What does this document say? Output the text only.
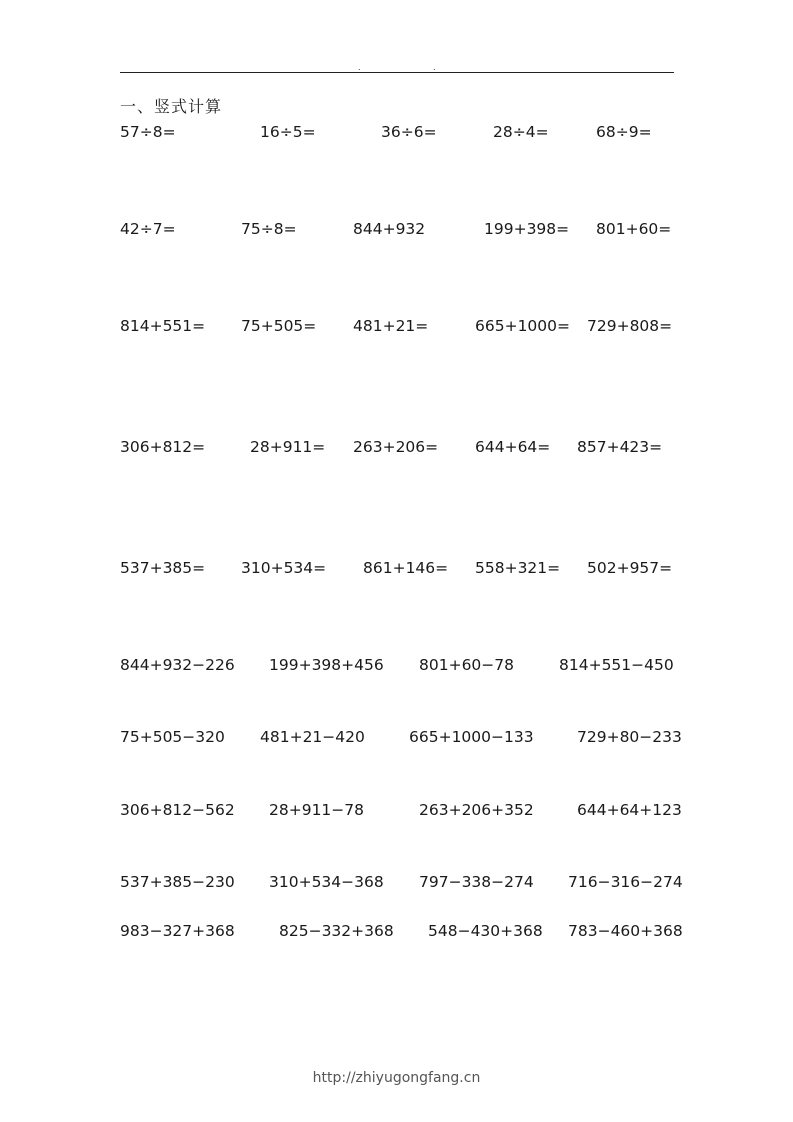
.	.
一、竖式计算
57÷8=	16÷5=	36÷6=	28÷4=	68÷9=
42÷7=	75÷8=	844+932	199+398= 801+60=
814+551= 75+505= 481+21=	665+1000= 729+808=
306+812=	28+911= 263+206= 644+64= 857+423=
537+385= 310+534= 861+146= 558+321= 502+957=
844+932−226 199+398+456 801+60−78	814+551−450
75+505−320 481+21−420	665+1000−133	729+80−233
306+812−562 28+911−78	263+206+352	644+64+123
537+385−230 310+534−368 797−338−274 716−316−274
983−327+368	825−332+368 548−430+368 783−460+368
http://zhiyugongfang.cn
